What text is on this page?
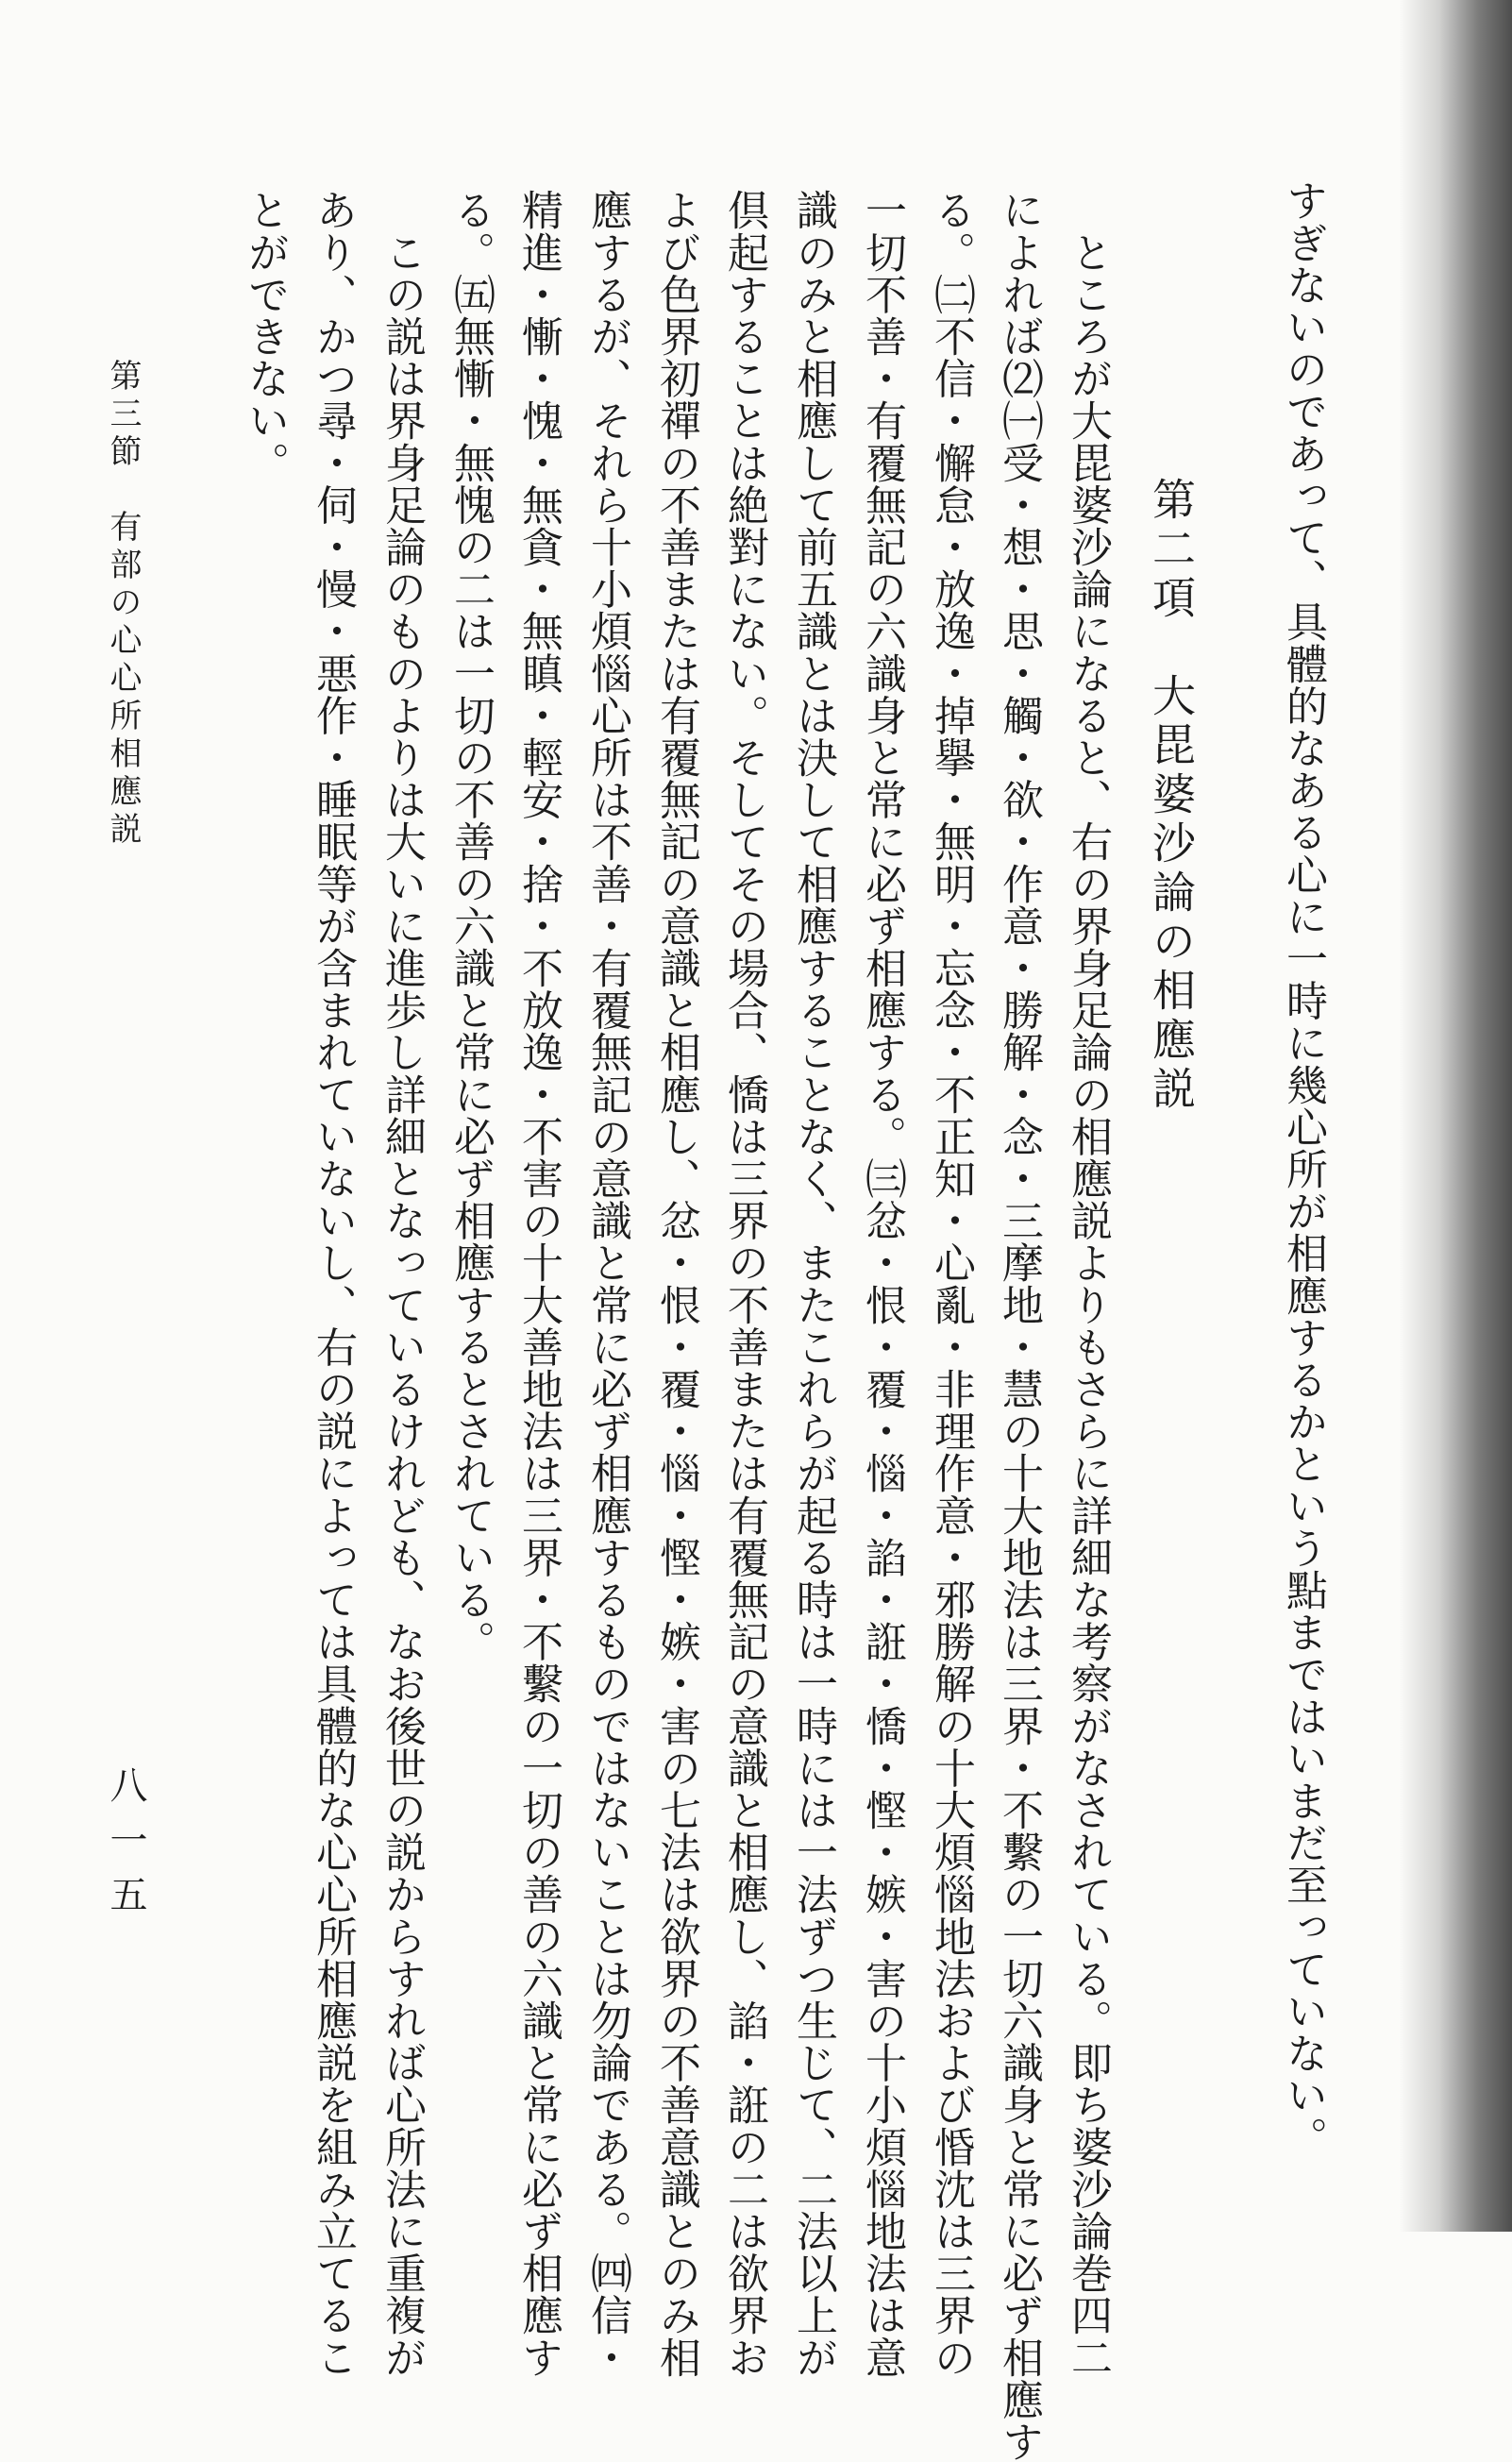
すぎないのであって、具體的なある心に一時に幾心所が相應するかという點まではいまだ至っていない。
第二項　大毘婆沙論の相應説
　ところが大毘婆沙論になると、右の界身足論の相應説よりもさらに詳細な考察がなされている。即ち婆沙論巻四二
によれば⑵㈠受・想・思・觸・欲・作意・勝解・念・三摩地・慧の十大地法は三界・不繫の一切六識身と常に必ず相應す
る。㈡不信・懈怠・放逸・掉擧・無明・忘念・不正知・心亂・非理作意・邪勝解の十大煩惱地法および惛沈は三界の
一切不善・有覆無記の六識身と常に必ず相應する。㈢忿・恨・覆・惱・諂・誑・憍・慳・嫉・害の十小煩惱地法は意
識のみと相應して前五識とは決して相應することなく、またこれらが起る時は一時には一法ずつ生じて、二法以上が
倶起することは絶對にない。そしてその場合、憍は三界の不善または有覆無記の意識と相應し、諂・誑の二は欲界お
よび色界初禪の不善または有覆無記の意識と相應し、忿・恨・覆・惱・慳・嫉・害の七法は欲界の不善意識とのみ相
應するが、それら十小煩惱心所は不善・有覆無記の意識と常に必ず相應するものではないことは勿論である。㈣信・
精進・慚・愧・無貪・無瞋・輕安・捨・不放逸・不害の十大善地法は三界・不繫の一切の善の六識と常に必ず相應す
る。㈤無慚・無愧の二は一切の不善の六識と常に必ず相應するとされている。
　この説は界身足論のものよりは大いに進歩し詳細となっているけれども、なお後世の説からすれば心所法に重複が
あり、かつ尋・伺・慢・悪作・睡眠等が含まれていないし、右の説によっては具體的な心心所相應説を組み立てるこ
とができない。
第三節　有部の心心所相應説
八一五
